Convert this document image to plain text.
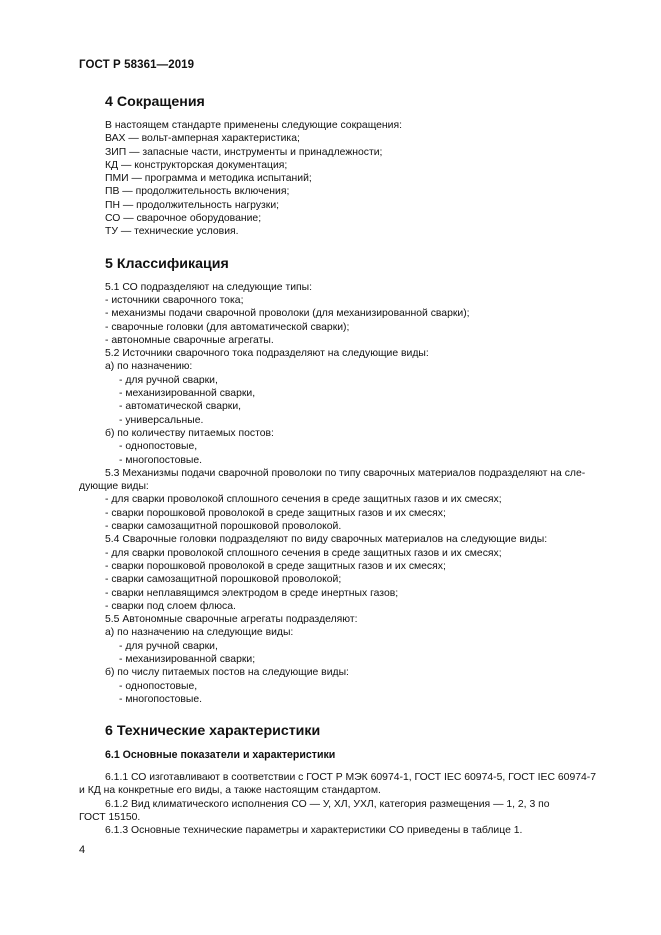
ГОСТ Р 58361—2019
4 Сокращения
В настоящем стандарте применены следующие сокращения:
ВАХ — вольт-амперная характеристика;
ЗИП — запасные части, инструменты и принадлежности;
КД — конструкторская документация;
ПМИ — программа и методика испытаний;
ПВ — продолжительность включения;
ПН — продолжительность нагрузки;
СО — сварочное оборудование;
ТУ — технические условия.
5 Классификация
5.1 СО подразделяют на следующие типы:
- источники сварочного тока;
- механизмы подачи сварочной проволоки (для механизированной сварки);
- сварочные головки (для автоматической сварки);
- автономные сварочные агрегаты.
5.2 Источники сварочного тока подразделяют на следующие виды:
а) по назначению:
- для ручной сварки,
- механизированной сварки,
- автоматической сварки,
- универсальные.
б) по количеству питаемых постов:
- однопостовые,
- многопостовые.
5.3 Механизмы подачи сварочной проволоки по типу сварочных материалов подразделяют на сле-
дующие виды:
- для сварки проволокой сплошного сечения в среде защитных газов и их смесях;
- сварки порошковой проволокой в среде защитных газов и их смесях;
- сварки самозащитной порошковой проволокой.
5.4 Сварочные головки подразделяют по виду сварочных материалов на следующие виды:
- для сварки проволокой сплошного сечения в среде защитных газов и их смесях;
- сварки порошковой проволокой в среде защитных газов и их смесях;
- сварки самозащитной порошковой проволокой;
- сварки неплавящимся электродом в среде инертных газов;
- сварки под слоем флюса.
5.5 Автономные сварочные агрегаты подразделяют:
а) по назначению на следующие виды:
- для ручной сварки,
- механизированной сварки;
б) по числу питаемых постов на следующие виды:
- однопостовые,
- многопостовые.
6 Технические характеристики
6.1 Основные показатели и характеристики
6.1.1 СО изготавливают в соответствии с ГОСТ Р МЭК 60974-1, ГОСТ IEC 60974-5, ГОСТ IEC 60974-7
и КД на конкретные его виды, а также настоящим стандартом.
6.1.2 Вид климатического исполнения СО — У, ХЛ, УХЛ, категория размещения — 1, 2, 3 по
ГОСТ 15150.
6.1.3 Основные технические параметры и характеристики СО приведены в таблице 1.
4
